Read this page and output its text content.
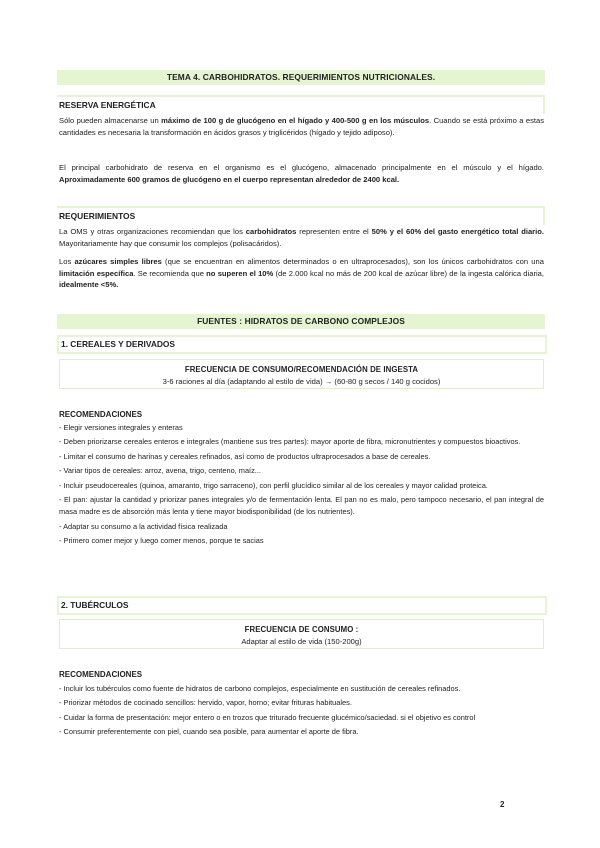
TEMA 4. CARBOHIDRATOS. REQUERIMIENTOS NUTRICIONALES.
RESERVA ENERGÉTICA
Sólo pueden almacenarse un máximo de 100 g de glucógeno en el hígado y 400-500 g en los músculos. Cuando se está próximo a estas cantidades es necesaria la transformación en ácidos grasos y triglicéridos (hígado y tejido adiposo).
El principal carbohidrato de reserva en el organismo es el glucógeno, almacenado principalmente en el músculo y el hígado. Aproximadamente 600 gramos de glucógeno en el cuerpo representan alrededor de 2400 kcal.
REQUERIMIENTOS
La OMS y otras organizaciones recomiendan que los carbohidratos representen entre el 50% y el 60% del gasto energético total diario. Mayoritariamente hay que consumir los complejos (polisacáridos).
Los azúcares simples libres (que se encuentran en alimentos determinados o en ultraprocesados), son los únicos carbohidratos con una limitación específica. Se recomienda que no superen el 10% (de 2.000 kcal no más de 200 kcal de azúcar libre) de la ingesta calórica diaria, idealmente <5%.
FUENTES : HIDRATOS DE CARBONO COMPLEJOS
1. CEREALES Y DERIVADOS
FRECUENCIA DE CONSUMO/RECOMENDACIÓN DE INGESTA
3-6 raciones al día (adaptando al estilo de vida) → (60-80 g secos / 140 g cocidos)
RECOMENDACIONES
- Elegir versiones integrales y enteras
- Deben priorizarse cereales enteros e integrales (mantiene sus tres partes): mayor aporte de fibra, micronutrientes y compuestos bioactivos.
- Limitar el consumo de harinas y cereales refinados, así como de productos ultraprocesados a base de cereales.
- Variar tipos de cereales: arroz, avena, trigo, centeno, maíz...
- Incluir pseudocereales (quinoa, amaranto, trigo sarraceno), con perfil glucídico similar al de los cereales y mayor calidad proteica.
- El pan: ajustar la cantidad y priorizar panes integrales y/o de fermentación lenta. El pan no es malo, pero tampoco necesario, el pan integral de masa madre es de absorción más lenta y tiene mayor biodisponibilidad (de los nutrientes).
- Adaptar su consumo a la actividad física realizada
- Primero comer mejor y luego comer menos, porque te sacias
2. TUBÉRCULOS
FRECUENCIA DE CONSUMO :
Adaptar al estilo de vida (150-200g)
RECOMENDACIONES
- Incluir los tubérculos como fuente de hidratos de carbono complejos, especialmente en sustitución de cereales refinados.
- Priorizar métodos de cocinado sencillos: hervido, vapor, horno; evitar frituras habituales.
- Cuidar la forma de presentación: mejor entero o en trozos que triturado frecuente glucémico/saciedad. si el objetivo es control
- Consumir preferentemente con piel, cuando sea posible, para aumentar el aporte de fibra.
2
